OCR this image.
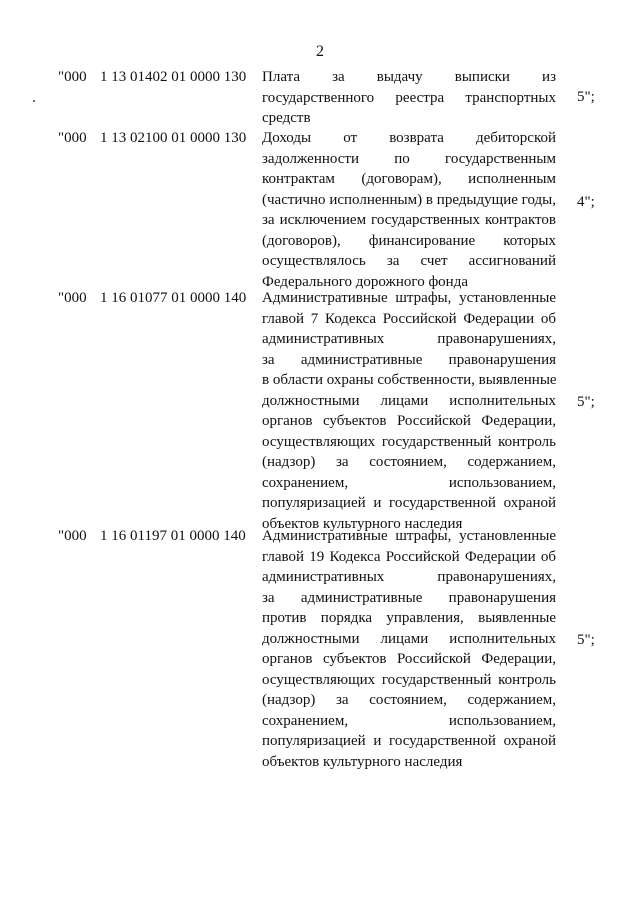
2
"000 1 13 01402 01 0000 130 Плата за выдачу выписки из
государственного реестра транспортных
средств
5";
"000 1 13 02100 01 0000 130 Доходы от возврата дебиторской
задолженности по государственным
контрактам (договорам), исполненным
(частично исполненным) в предыдущие годы,
за исключением государственных контрактов
(договоров), финансирование которых
осуществлялось за счет ассигнований
Федерального дорожного фонда
4";
"000 1 16 01077 01 0000 140 Административные штрафы, установленные
главой 7 Кодекса Российской Федерации об
административных правонарушениях,
за административные правонарушения
в области охраны собственности, выявленные
должностными лицами исполнительных
органов субъектов Российской Федерации,
осуществляющих государственный контроль
(надзор) за состоянием, содержанием,
сохранением, использованием,
популяризацией и государственной охраной
объектов культурного наследия
5";
"000 1 16 01197 01 0000 140 Административные штрафы, установленные
главой 19 Кодекса Российской Федерации об
административных правонарушениях,
за административные правонарушения
против порядка управления, выявленные
должностными лицами исполнительных
органов субъектов Российской Федерации,
осуществляющих государственный контроль
(надзор) за состоянием, содержанием,
сохранением, использованием,
популяризацией и государственной охраной
объектов культурного наследия
5";
